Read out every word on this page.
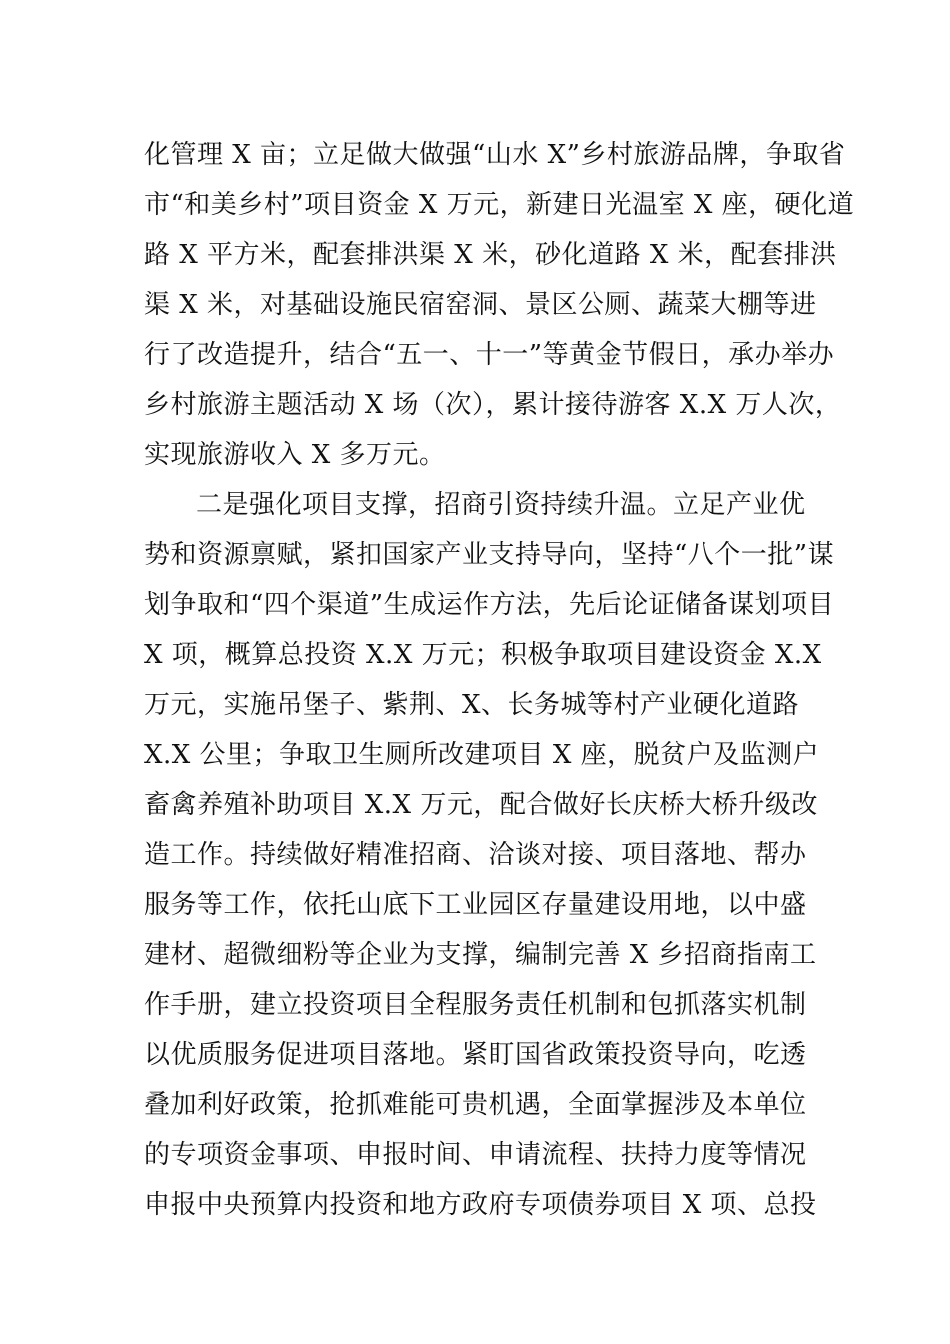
化管理 X 亩；立足做大做强“山水 X”乡村旅游品牌，争取省
市“和美乡村”项目资金 X 万元，新建日光温室 X 座，硬化道
路 X 平方米，配套排洪渠 X 米，砂化道路 X 米，配套排洪
渠 X 米，对基础设施民宿窑洞、景区公厕、蔬菜大棚等进
行了改造提升，结合“五一、十一”等黄金节假日，承办举办
乡村旅游主题活动 X 场（次），累计接待游客 X.X 万人次，
实现旅游收入 X 多万元。
二是强化项目支撑，招商引资持续升温。立足产业优
势和资源禀赋，紧扣国家产业支持导向，坚持“八个一批”谋
划争取和“四个渠道”生成运作方法，先后论证储备谋划项目
X 项，概算总投资 X.X 万元；积极争取项目建设资金 X.X
万元，实施吊堡子、紫荆、X、长务城等村产业硬化道路
X.X 公里；争取卫生厕所改建项目 X 座，脱贫户及监测户
畜禽养殖补助项目 X.X 万元，配合做好长庆桥大桥升级改
造工作。持续做好精准招商、洽谈对接、项目落地、帮办
服务等工作，依托山底下工业园区存量建设用地，以中盛
建材、超微细粉等企业为支撑，编制完善 X 乡招商指南工
作手册，建立投资项目全程服务责任机制和包抓落实机制
以优质服务促进项目落地。紧盯国省政策投资导向，吃透
叠加利好政策，抢抓难能可贵机遇，全面掌握涉及本单位
的专项资金事项、申报时间、申请流程、扶持力度等情况
申报中央预算内投资和地方政府专项债券项目 X 项、总投
